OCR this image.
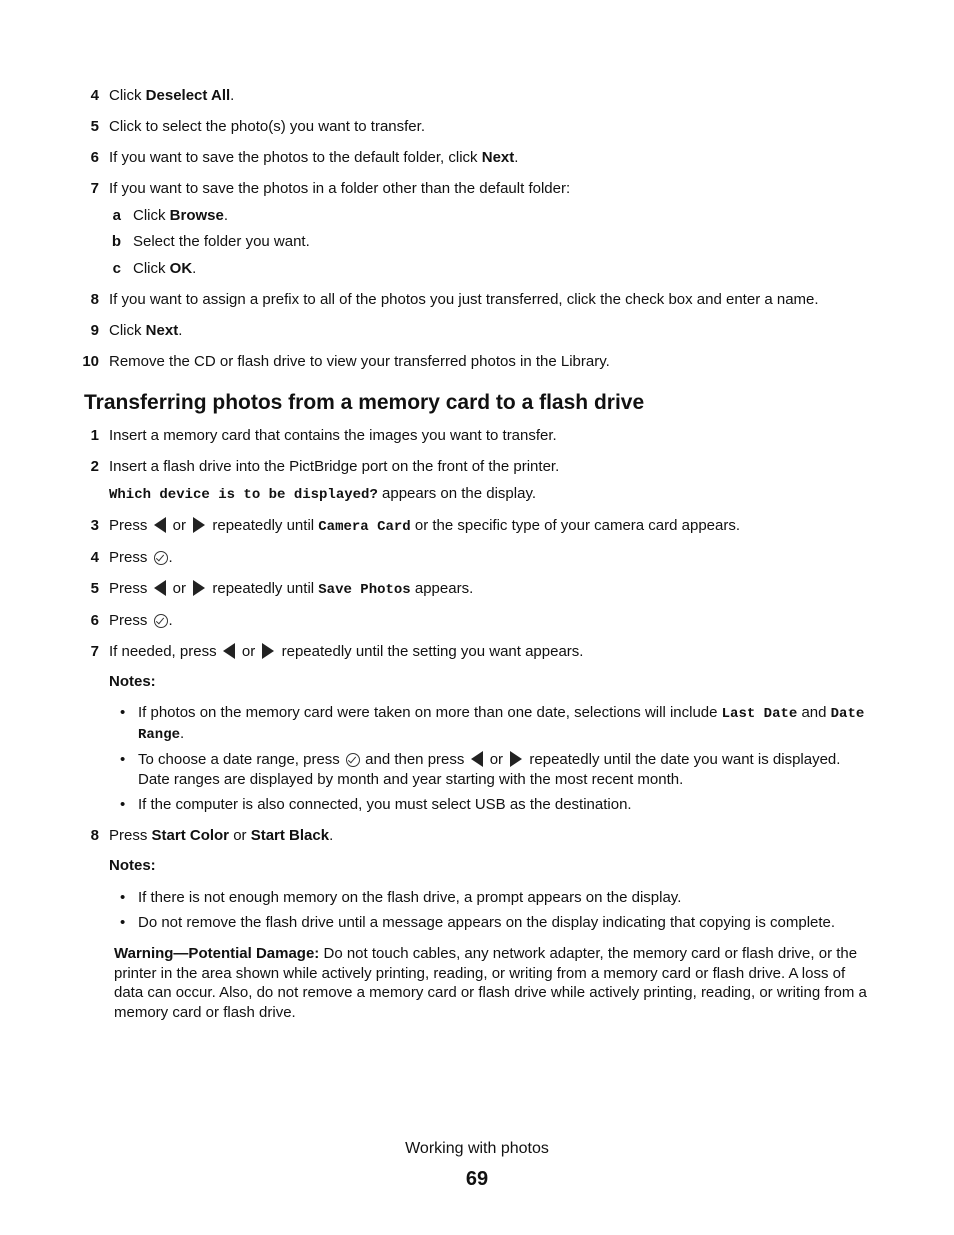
4 Click Deselect All.
5 Click to select the photo(s) you want to transfer.
6 If you want to save the photos to the default folder, click Next.
7 If you want to save the photos in a folder other than the default folder:
a Click Browse.
b Select the folder you want.
c Click OK.
8 If you want to assign a prefix to all of the photos you just transferred, click the check box and enter a name.
9 Click Next.
10 Remove the CD or flash drive to view your transferred photos in the Library.
Transferring photos from a memory card to a flash drive
1 Insert a memory card that contains the images you want to transfer.
2 Insert a flash drive into the PictBridge port on the front of the printer.
Which device is to be displayed? appears on the display.
3 Press  or  repeatedly until Camera Card or the specific type of your camera card appears.
4 Press .
5 Press  or  repeatedly until Save Photos appears.
6 Press .
7 If needed, press  or  repeatedly until the setting you want appears.
Notes:
• If photos on the memory card were taken on more than one date, selections will include Last Date and Date Range.
• To choose a date range, press  and then press  or  repeatedly until the date you want is displayed. Date ranges are displayed by month and year starting with the most recent month.
• If the computer is also connected, you must select USB as the destination.
8 Press Start Color or Start Black.
Notes:
• If there is not enough memory on the flash drive, a prompt appears on the display.
• Do not remove the flash drive until a message appears on the display indicating that copying is complete.
Warning—Potential Damage: Do not touch cables, any network adapter, the memory card or flash drive, or the printer in the area shown while actively printing, reading, or writing from a memory card or flash drive. A loss of data can occur. Also, do not remove a memory card or flash drive while actively printing, reading, or writing from a memory card or flash drive.
Working with photos
69
